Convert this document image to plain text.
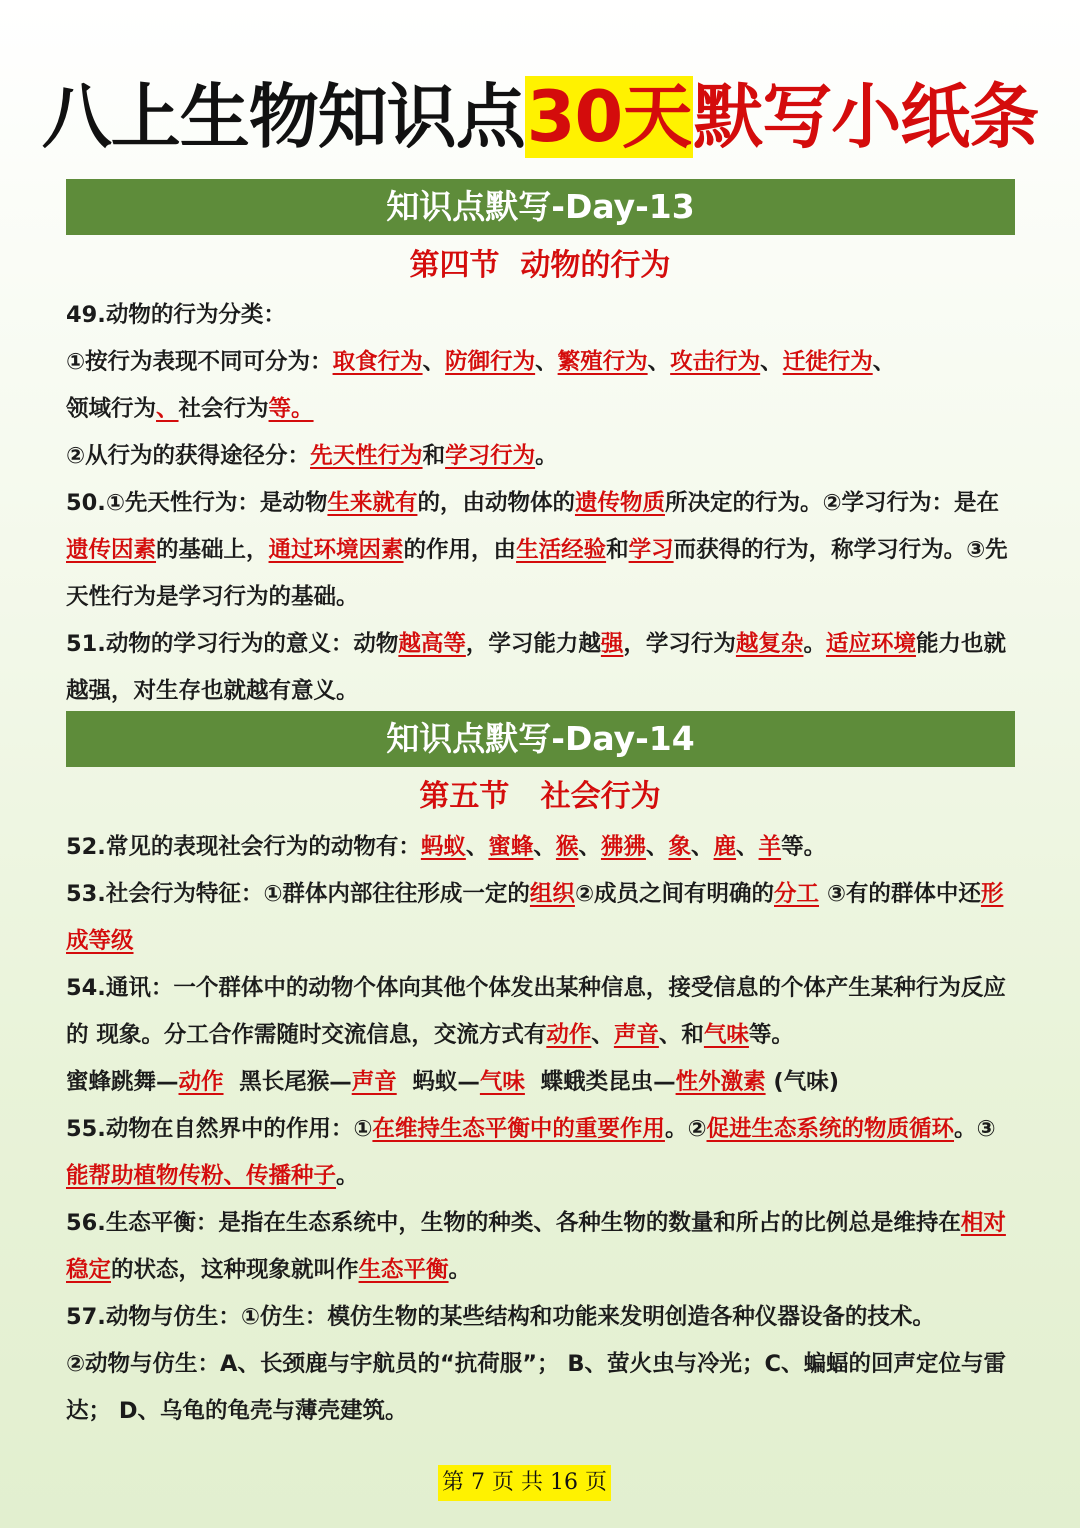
八上生物知识点30天默写小纸条
知识点默写-Day-13
第四节  动物的行为

49.动物的行为分类：

①按行为表现不同可分为：取食行为、防御行为、繁殖行为、攻击行为、迁徙行为、

领域行为、社会行为等。

②从行为的获得途径分：先天性行为和学习行为。

50.①先天性行为：是动物生来就有的，由动物体的遗传物质所决定的行为。②学习行为：是在遗传因素的基础上，通过环境因素的作用，由生活经验和学习而获得的行为，称学习行为。③先天性行为是学习行为的基础。

51.动物的学习行为的意义：动物越高等，学习能力越强，学习行为越复杂。适应环境能力也就越强，对生存也就越有意义。

知识点默写-Day-14
第五节   社会行为

52.常见的表现社会行为的动物有：蚂蚁、蜜蜂、猴、狒狒、象、鹿、羊等。

53.社会行为特征：①群体内部往往形成一定的组织②成员之间有明确的分工 ③有的群体中还形成等级

54.通讯：一个群体中的动物个体向其他个体发出某种信息，接受信息的个体产生某种行为反应的 现象。分工合作需随时交流信息，交流方式有动作、声音、和气味等。

蜜蜂跳舞—动作  黑长尾猴—声音  蚂蚁—气味  蝶蛾类昆虫—性外激素 (气味)

55.动物在自然界中的作用：①在维持生态平衡中的重要作用。②促进生态系统的物质循环。③能帮助植物传粉、传播种子。

56.生态平衡：是指在生态系统中，生物的种类、各种生物的数量和所占的比例总是维持在相对稳定的状态，这种现象就叫作生态平衡。

57.动物与仿生：①仿生：模仿生物的某些结构和功能来发明创造各种仪器设备的技术。

②动物与仿生：A、长颈鹿与宇航员的“抗荷服”； B、萤火虫与冷光；C、蝙蝠的回声定位与雷达； D、乌龟的龟壳与薄壳建筑。

第 7 页 共 16 页
